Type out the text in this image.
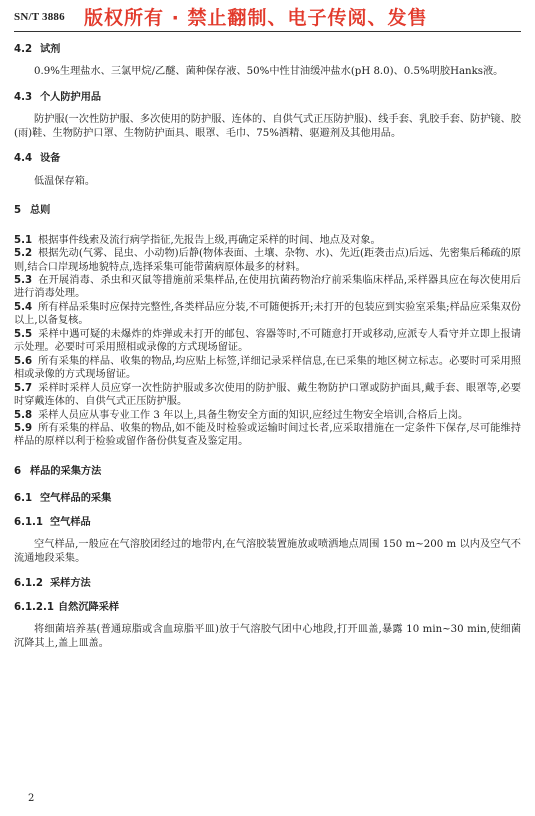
SN/T 3886 版权所有 · 禁止翻制、电子传阅、发售
4.2 试剂

0.9%生理盐水、三氯甲烷/乙醚、菌种保存液、50%中性甘油缓冲盐水(pH 8.0)、0.5%明胶Hanks液。

4.3 个人防护用品

防护服(一次性防护服、多次使用的防护服、连体的、自供气式正压防护服)、线手套、乳胶手套、防护镜、胶(雨)鞋、生物防护口罩、生物防护面具、眼罩、毛巾、75%酒精、驱避剂及其他用品。

4.4 设备

低温保存箱。

5 总则

5.1 根据事件线索及流行病学指征,先报告上级,再确定采样的时间、地点及对象。

5.2 根据先动(气雾、昆虫、小动物)后静(物体表面、土壤、杂物、水)、先近(距袭击点)后远、先密集后稀疏的原则,结合口岸现场地貌特点,选择采集可能带菌病原体最多的材料。

5.3 在开展消毒、杀虫和灭鼠等措施前采集样品,在使用抗菌药物治疗前采集临床样品,采样器具应在每次使用后进行消毒处理。

5.4 所有样品采集时应保持完整性,各类样品应分装,不可随便拆开;未打开的包装应到实验室采集;样品应采集双份以上,以备复核。

5.5 采样中遇可疑的未爆炸的炸弹或未打开的邮包、容器等时,不可随意打开或移动,应派专人看守并立即上报请示处理。必要时可采用照相或录像的方式现场留证。

5.6 所有采集的样品、收集的物品,均应贴上标签,详细记录采样信息,在已采集的地区树立标志。必要时可采用照相或录像的方式现场留证。

5.7 采样时采样人员应穿一次性防护服或多次使用的防护服、戴生物防护口罩或防护面具,戴手套、眼罩等,必要时穿戴连体的、自供气式正压防护服。

5.8 采样人员应从事专业工作 3 年以上,具备生物安全方面的知识,应经过生物安全培训,合格后上岗。

5.9 所有采集的样品、收集的物品,如不能及时检验或运输时间过长者,应采取措施在一定条件下保存,尽可能维持样品的原样以利于检验或留作备份供复查及鉴定用。

6 样品的采集方法
6.1 空气样品的采集
6.1.1 空气样品

空气样品,一般应在气溶胶团经过的地带内,在气溶胶装置施放或喷洒地点周围 150 m~200 m 以内及空气不流通地段采集。

6.1.2 采样方法
6.1.2.1 自然沉降采样

将细菌培养基(普通琼脂或含血琼脂平皿)放于气溶胶气团中心地段,打开皿盖,暴露 10 min~30 min,使细菌沉降其上,盖上皿盖。

2
